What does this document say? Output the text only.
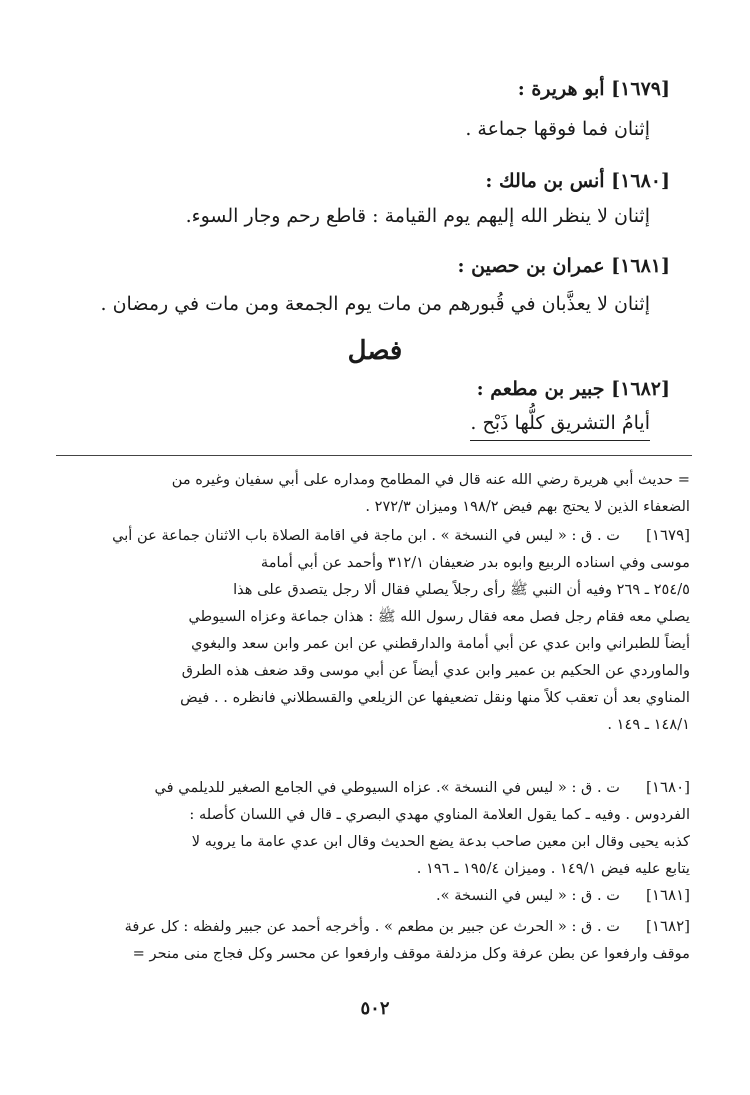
[١٦٧٩] أبو هريرة :
إثنان فما فوقها جماعة .
[١٦٨٠] أنس بن مالك :
إثنان لا ينظر الله إليهم يوم القيامة : قاطع رحم وجار السوء.
[١٦٨١] عمران بن حصين :
إثنان لا يعذَّبان في قُبورهم من مات يوم الجمعة ومن مات في رمضان .
فصل
[١٦٨٢] جبير بن مطعم :
أيامُ التشريق كلُّها ذَبْح .
= حديث أبي هريرة رضي الله عنه قال في المطامح ومداره على أبي سفيان وغيره من
الضعفاء الذين لا يحتج بهم فيض ١٩٨/٢ وميزان ٢٧٢/٣ .
[١٦٧٩]
ت . ق : « ليس في النسخة » . ابن ماجة في اقامة الصلاة باب الاثنان جماعة عن أبي
موسى وفي اسناده الربيع وابوه بدر ضعيفان ٣١٢/١ وأحمد عن أبي أمامة
٢٥٤/٥ ـ ٢٦٩ وفيه أن النبي ﷺ رأى رجلاً يصلي فقال ألا رجل يتصدق على هذا
يصلي معه فقام رجل فصل معه فقال رسول الله ﷺ : هذان جماعة وعزاه السيوطي
أيضاً للطبراني وابن عدي عن أبي أمامة والدارقطني عن ابن عمر وابن سعد والبغوي
والماوردي عن الحكيم بن عمير وابن عدي أيضاً عن أبي موسى وقد ضعف هذه الطرق
المناوي بعد أن تعقب كلاً منها ونقل تضعيفها عن الزيلعي والقسطلاني فانظره . . فيض
١٤٨/١ ـ ١٤٩ .
[١٦٨٠]
ت . ق : « ليس في النسخة ». عزاه السيوطي في الجامع الصغير للديلمي في
الفردوس . وفيه ـ كما يقول العلامة المناوي مهدي البصري ـ قال في اللسان كأصله :
كذبه يحيى وقال ابن معين صاحب بدعة يضع الحديث وقال ابن عدي عامة ما يرويه لا
يتابع عليه فيض ١٤٩/١ . وميزان ١٩٥/٤ ـ ١٩٦ .
[١٦٨١]
ت . ق : « ليس في النسخة ».
[١٦٨٢]
ت . ق : « الحرث عن جبير بن مطعم » . وأخرجه أحمد عن جبير ولفظه : كل عرفة
موقف وارفعوا عن بطن عرفة وكل مزدلفة موقف وارفعوا عن محسر وكل فجاج منى منحر =
٥٠٢
